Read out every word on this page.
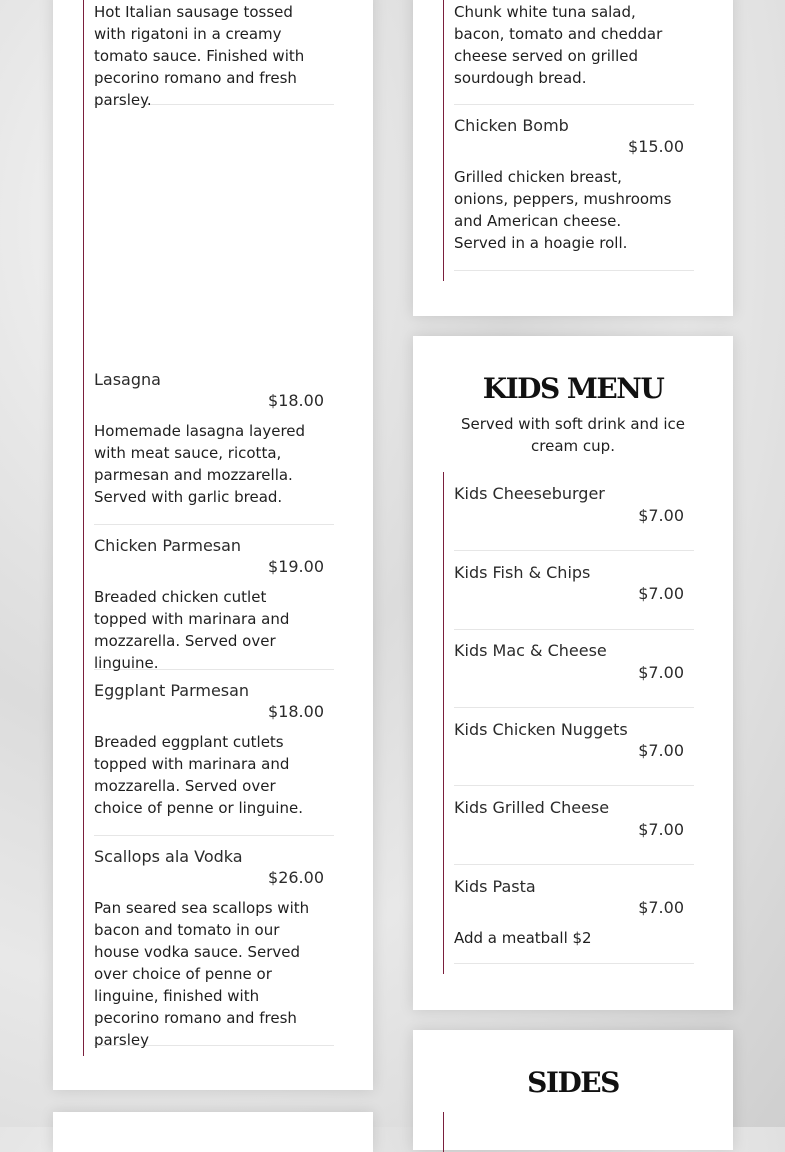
Hot Italian sausage tossed with rigatoni in a creamy tomato sauce. Finished with pecorino romano and fresh parsley.
Lasagna
$18.00
Homemade lasagna layered with meat sauce, ricotta, parmesan and mozzarella. Served with garlic bread.
Chicken Parmesan
$19.00
Breaded chicken cutlet topped with marinara and mozzarella. Served over linguine.
Eggplant Parmesan
$18.00
Breaded eggplant cutlets topped with marinara and mozzarella. Served over choice of penne or linguine.
Scallops ala Vodka
$26.00
Pan seared sea scallops with bacon and tomato in our house vodka sauce. Served over choice of penne or linguine, finished with pecorino romano and fresh parsley
Chunk white tuna salad, bacon, tomato and cheddar cheese served on grilled sourdough bread.
Chicken Bomb
$15.00
Grilled chicken breast, onions, peppers, mushrooms and American cheese. Served in a hoagie roll.
KIDS MENU
Served with soft drink and ice cream cup.
Kids Cheeseburger
$7.00
Kids Fish & Chips
$7.00
Kids Mac & Cheese
$7.00
Kids Chicken Nuggets
$7.00
Kids Grilled Cheese
$7.00
Kids Pasta
$7.00
Add a meatball $2
SIDES
